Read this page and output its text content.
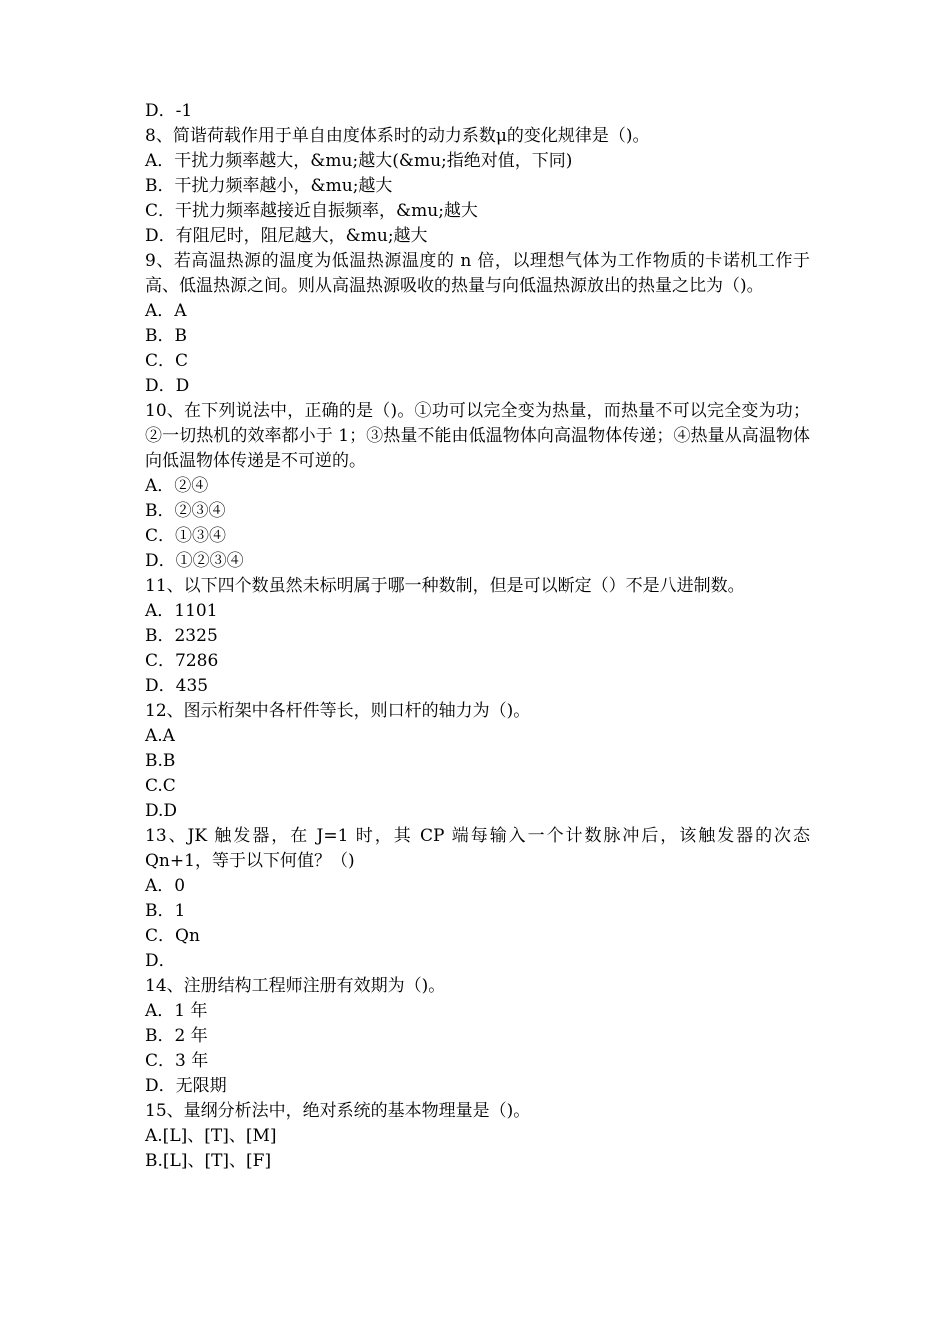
D．-1
8、简谐荷载作用于单自由度体系时的动力系数μ的变化规律是（)。
A．干扰力频率越大，&mu;越大(&mu;指绝对值，下同)
B．干扰力频率越小，&mu;越大
C．干扰力频率越接近自振频率，&mu;越大
D．有阻尼时，阻尼越大，&mu;越大
9、若高温热源的温度为低温热源温度的 n 倍，以理想气体为工作物质的卡诺机工作于高、低温热源之间。则从高温热源吸收的热量与向低温热源放出的热量之比为（)。
A．A
B．B
C．C
D．D
10、在下列说法中，正确的是（)。①功可以完全变为热量，而热量不可以完全变为功；②一切热机的效率都小于 1；③热量不能由低温物体向高温物体传递；④热量从高温物体向低温物体传递是不可逆的。
A．②④
B．②③④
C．①③④
D．①②③④
11、以下四个数虽然未标明属于哪一种数制，但是可以断定（）不是八进制数。
A．1101
B．2325
C．7286
D．435
12、图示桁架中各杆件等长，则口杆的轴力为（)。
A.A
B.B
C.C
D.D
13、JK 触发器，在 J=1 时，其 CP 端每输入一个计数脉冲后，该触发器的次态 Qn+1，等于以下何值？（)
A．0
B．1
C．Qn
D．
14、注册结构工程师注册有效期为（)。
A．1 年
B．2 年
C．3 年
D．无限期
15、量纲分析法中，绝对系统的基本物理量是（)。
A.[L]、[T]、[M]
B.[L]、[T]、[F]
